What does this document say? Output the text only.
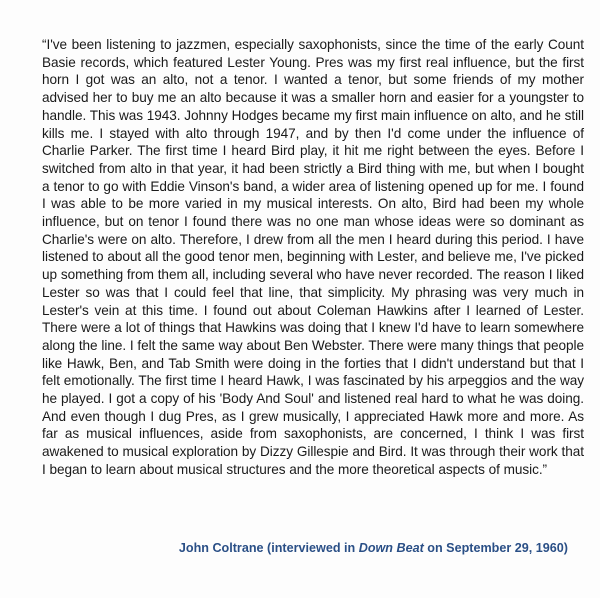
“I've been listening to jazzmen, especially saxophonists, since the time of the early Count Basie records, which featured Lester Young. Pres was my first real influence, but the first horn I got was an alto, not a tenor. I wanted a tenor, but some friends of my mother advised her to buy me an alto because it was a smaller horn and easier for a youngster to handle. This was 1943. Johnny Hodges became my first main influence on alto, and he still kills me. I stayed with alto through 1947, and by then I'd come under the influence of Charlie Parker. The first time I heard Bird play, it hit me right between the eyes. Before I switched from alto in that year, it had been strictly a Bird thing with me, but when I bought a tenor to go with Eddie Vinson's band, a wider area of listening opened up for me. I found I was able to be more varied in my musical interests. On alto, Bird had been my whole influence, but on tenor I found there was no one man whose ideas were so dominant as Charlie's were on alto. Therefore, I drew from all the men I heard during this period. I have listened to about all the good tenor men, beginning with Lester, and believe me, I've picked up something from them all, including several who have never recorded. The reason I liked Lester so was that I could feel that line, that simplicity. My phrasing was very much in Lester's vein at this time. I found out about Coleman Hawkins after I learned of Lester. There were a lot of things that Hawkins was doing that I knew I'd have to learn somewhere along the line. I felt the same way about Ben Webster. There were many things that people like Hawk, Ben, and Tab Smith were doing in the forties that I didn't understand but that I felt emotionally. The first time I heard Hawk, I was fascinated by his arpeggios and the way he played. I got a copy of his 'Body And Soul' and listened real hard to what he was doing. And even though I dug Pres, as I grew musically, I appreciated Hawk more and more. As far as musical influences, aside from saxophonists, are concerned, I think I was first awakened to musical exploration by Dizzy Gillespie and Bird. It was through their work that I began to learn about musical structures and the more theoretical aspects of music.”

John Coltrane (interviewed in Down Beat on September 29, 1960)
